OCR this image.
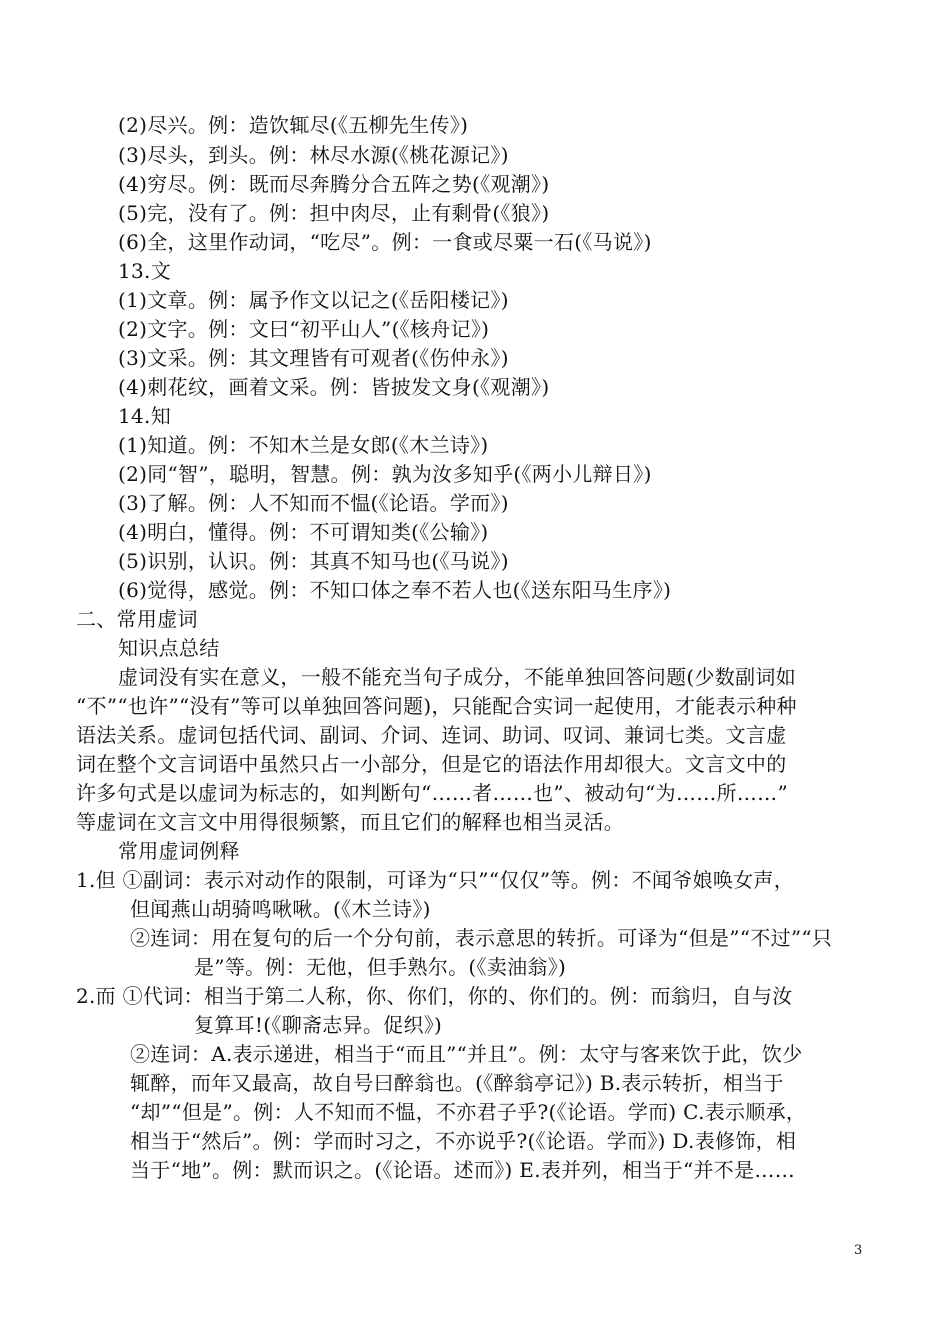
(2)尽兴。例：造饮辄尽(《五柳先生传》)
(3)尽头，到头。例：林尽水源(《桃花源记》)
(4)穷尽。例：既而尽奔腾分合五阵之势(《观潮》)
(5)完，没有了。例：担中肉尽，止有剩骨(《狼》)
(6)全，这里作动词，“吃尽”。例：一食或尽粟一石(《马说》)
13.文
(1)文章。例：属予作文以记之(《岳阳楼记》)
(2)文字。例：文曰“初平山人”(《核舟记》)
(3)文采。例：其文理皆有可观者(《伤仲永》)
(4)刺花纹，画着文采。例：皆披发文身(《观潮》)
14.知
(1)知道。例：不知木兰是女郎(《木兰诗》)
(2)同“智”，聪明，智慧。例：孰为汝多知乎(《两小儿辩日》)
(3)了解。例：人不知而不愠(《论语。学而》)
(4)明白，懂得。例：不可谓知类(《公输》)
(5)识别，认识。例：其真不知马也(《马说》)
(6)觉得，感觉。例：不知口体之奉不若人也(《送东阳马生序》)
二、常用虚词
知识点总结
虚词没有实在意义，一般不能充当句子成分，不能单独回答问题(少数副词如
“不”“也许”“没有”等可以单独回答问题)，只能配合实词一起使用，才能表示种种
语法关系。虚词包括代词、副词、介词、连词、助词、叹词、兼词七类。文言虚
词在整个文言词语中虽然只占一小部分，但是它的语法作用却很大。文言文中的
许多句式是以虚词为标志的，如判断句“……者……也”、被动句“为……所……”
等虚词在文言文中用得很频繁，而且它们的解释也相当灵活。
常用虚词例释
1.但 ①副词：表示对动作的限制，可译为“只”“仅仅”等。例：不闻爷娘唤女声，
但闻燕山胡骑鸣啾啾。(《木兰诗》)
②连词：用在复句的后一个分句前，表示意思的转折。可译为“但是”“不过”“只
是”等。例：无他，但手熟尔。(《卖油翁》)
2.而 ①代词：相当于第二人称，你、你们，你的、你们的。例：而翁归，自与汝
复算耳!(《聊斋志异。促织》)
②连词：A.表示递进，相当于“而且”“并且”。例：太守与客来饮于此，饮少
辄醉，而年又最高，故自号曰醉翁也。(《醉翁亭记》) B.表示转折，相当于
“却”“但是”。例：人不知而不愠，不亦君子乎?(《论语。学而) C.表示顺承，
相当于“然后”。例：学而时习之，不亦说乎?(《论语。学而》) D.表修饰，相
当于“地”。例：默而识之。(《论语。述而》) E.表并列，相当于“并不是……
3
